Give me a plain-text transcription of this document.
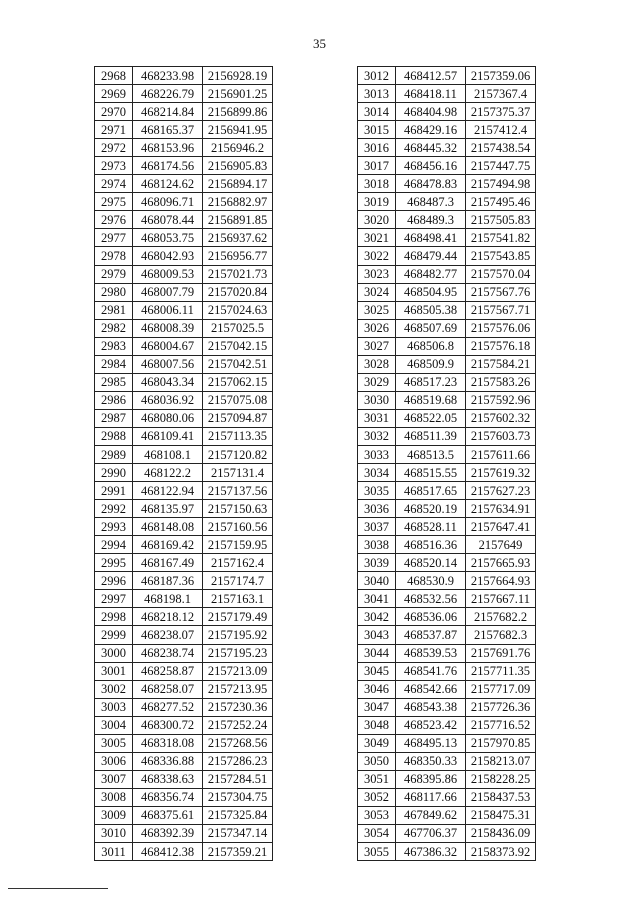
35
2968	468233.98	2156928.19
2969	468226.79	2156901.25
2970	468214.84	2156899.86
2971	468165.37	2156941.95
2972	468153.96	2156946.2
2973	468174.56	2156905.83
2974	468124.62	2156894.17
2975	468096.71	2156882.97
2976	468078.44	2156891.85
2977	468053.75	2156937.62
2978	468042.93	2156956.77
2979	468009.53	2157021.73
2980	468007.79	2157020.84
2981	468006.11	2157024.63
2982	468008.39	2157025.5
2983	468004.67	2157042.15
2984	468007.56	2157042.51
2985	468043.34	2157062.15
2986	468036.92	2157075.08
2987	468080.06	2157094.87
2988	468109.41	2157113.35
2989	468108.1	2157120.82
2990	468122.2	2157131.4
2991	468122.94	2157137.56
2992	468135.97	2157150.63
2993	468148.08	2157160.56
2994	468169.42	2157159.95
2995	468167.49	2157162.4
2996	468187.36	2157174.7
2997	468198.1	2157163.1
2998	468218.12	2157179.49
2999	468238.07	2157195.92
3000	468238.74	2157195.23
3001	468258.87	2157213.09
3002	468258.07	2157213.95
3003	468277.52	2157230.36
3004	468300.72	2157252.24
3005	468318.08	2157268.56
3006	468336.88	2157286.23
3007	468338.63	2157284.51
3008	468356.74	2157304.75
3009	468375.61	2157325.84
3010	468392.39	2157347.14
3011	468412.38	2157359.21
3012	468412.57	2157359.06
3013	468418.11	2157367.4
3014	468404.98	2157375.37
3015	468429.16	2157412.4
3016	468445.32	2157438.54
3017	468456.16	2157447.75
3018	468478.83	2157494.98
3019	468487.3	2157495.46
3020	468489.3	2157505.83
3021	468498.41	2157541.82
3022	468479.44	2157543.85
3023	468482.77	2157570.04
3024	468504.95	2157567.76
3025	468505.38	2157567.71
3026	468507.69	2157576.06
3027	468506.8	2157576.18
3028	468509.9	2157584.21
3029	468517.23	2157583.26
3030	468519.68	2157592.96
3031	468522.05	2157602.32
3032	468511.39	2157603.73
3033	468513.5	2157611.66
3034	468515.55	2157619.32
3035	468517.65	2157627.23
3036	468520.19	2157634.91
3037	468528.11	2157647.41
3038	468516.36	2157649
3039	468520.14	2157665.93
3040	468530.9	2157664.93
3041	468532.56	2157667.11
3042	468536.06	2157682.2
3043	468537.87	2157682.3
3044	468539.53	2157691.76
3045	468541.76	2157711.35
3046	468542.66	2157717.09
3047	468543.38	2157726.36
3048	468523.42	2157716.52
3049	468495.13	2157970.85
3050	468350.33	2158213.07
3051	468395.86	2158228.25
3052	468117.66	2158437.53
3053	467849.62	2158475.31
3054	467706.37	2158436.09
3055	467386.32	2158373.92
